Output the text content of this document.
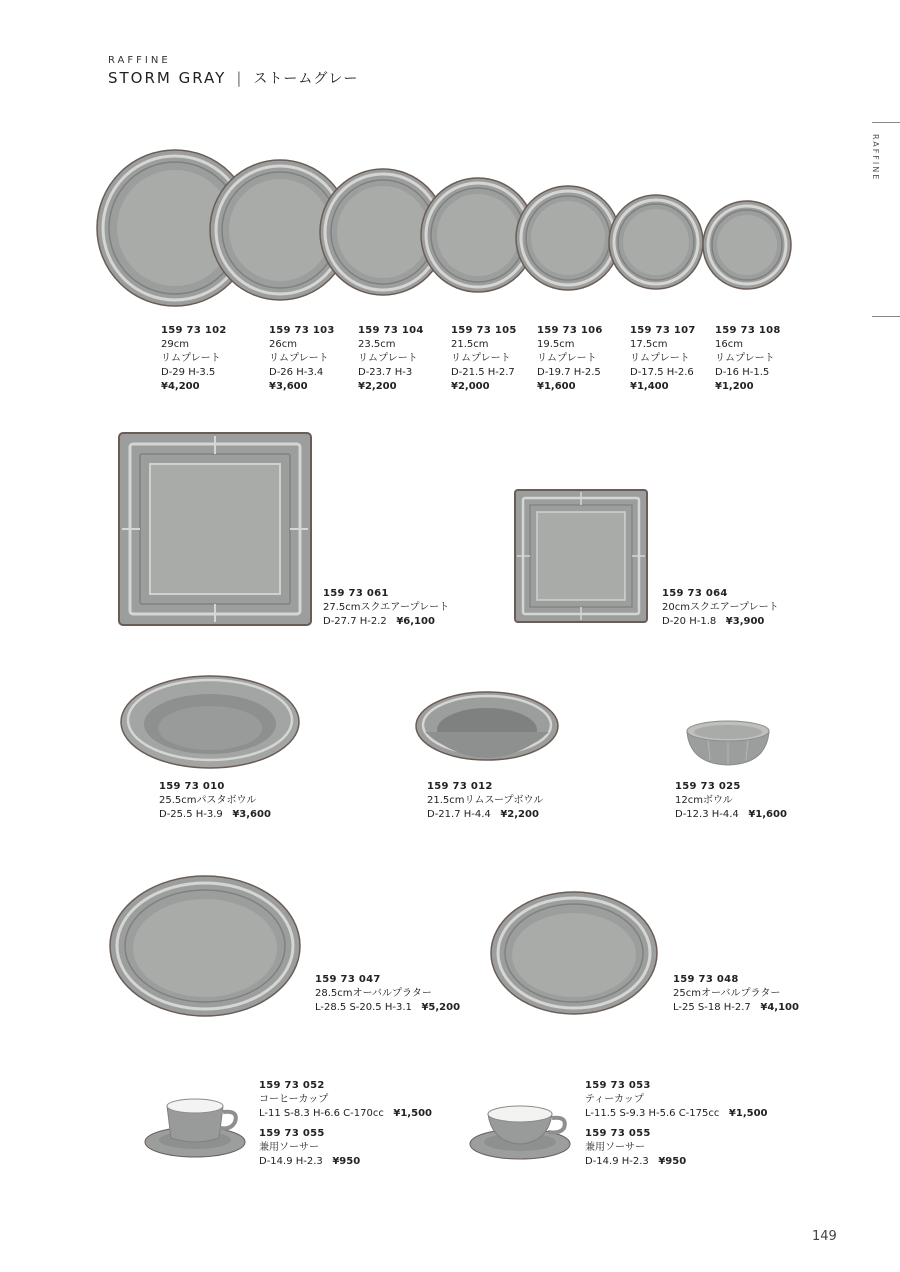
RAFFINE
STORM GRAY | ストームグレー
RAFFINE
159 73 102
29cm
リムプレート
D-29 H-3.5
¥4,200
159 73 103
26cm
リムプレート
D-26 H-3.4
¥3,600
159 73 104
23.5cm
リムプレート
D-23.7 H-3
¥2,200
159 73 105
21.5cm
リムプレート
D-21.5 H-2.7
¥2,000
159 73 106
19.5cm
リムプレート
D-19.7 H-2.5
¥1,600
159 73 107
17.5cm
リムプレート
D-17.5 H-2.6
¥1,400
159 73 108
16cm
リムプレート
D-16 H-1.5
¥1,200
159 73 061
27.5cmスクエアープレート
D-27.7 H-2.2 ¥6,100
159 73 064
20cmスクエアープレート
D-20 H-1.8 ¥3,900
159 73 010
25.5cmパスタボウル
D-25.5 H-3.9 ¥3,600
159 73 012
21.5cmリムスープボウル
D-21.7 H-4.4 ¥2,200
159 73 025
12cmボウル
D-12.3 H-4.4 ¥1,600
159 73 047
28.5cmオーバルプラター
L-28.5 S-20.5 H-3.1 ¥5,200
159 73 048
25cmオーバルプラター
L-25 S-18 H-2.7 ¥4,100
159 73 052
コーヒーカップ
L-11 S-8.3 H-6.6 C-170cc ¥1,500
159 73 055
兼用ソーサー
D-14.9 H-2.3 ¥950
159 73 053
ティーカップ
L-11.5 S-9.3 H-5.6 C-175cc ¥1,500
159 73 055
兼用ソーサー
D-14.9 H-2.3 ¥950
149
